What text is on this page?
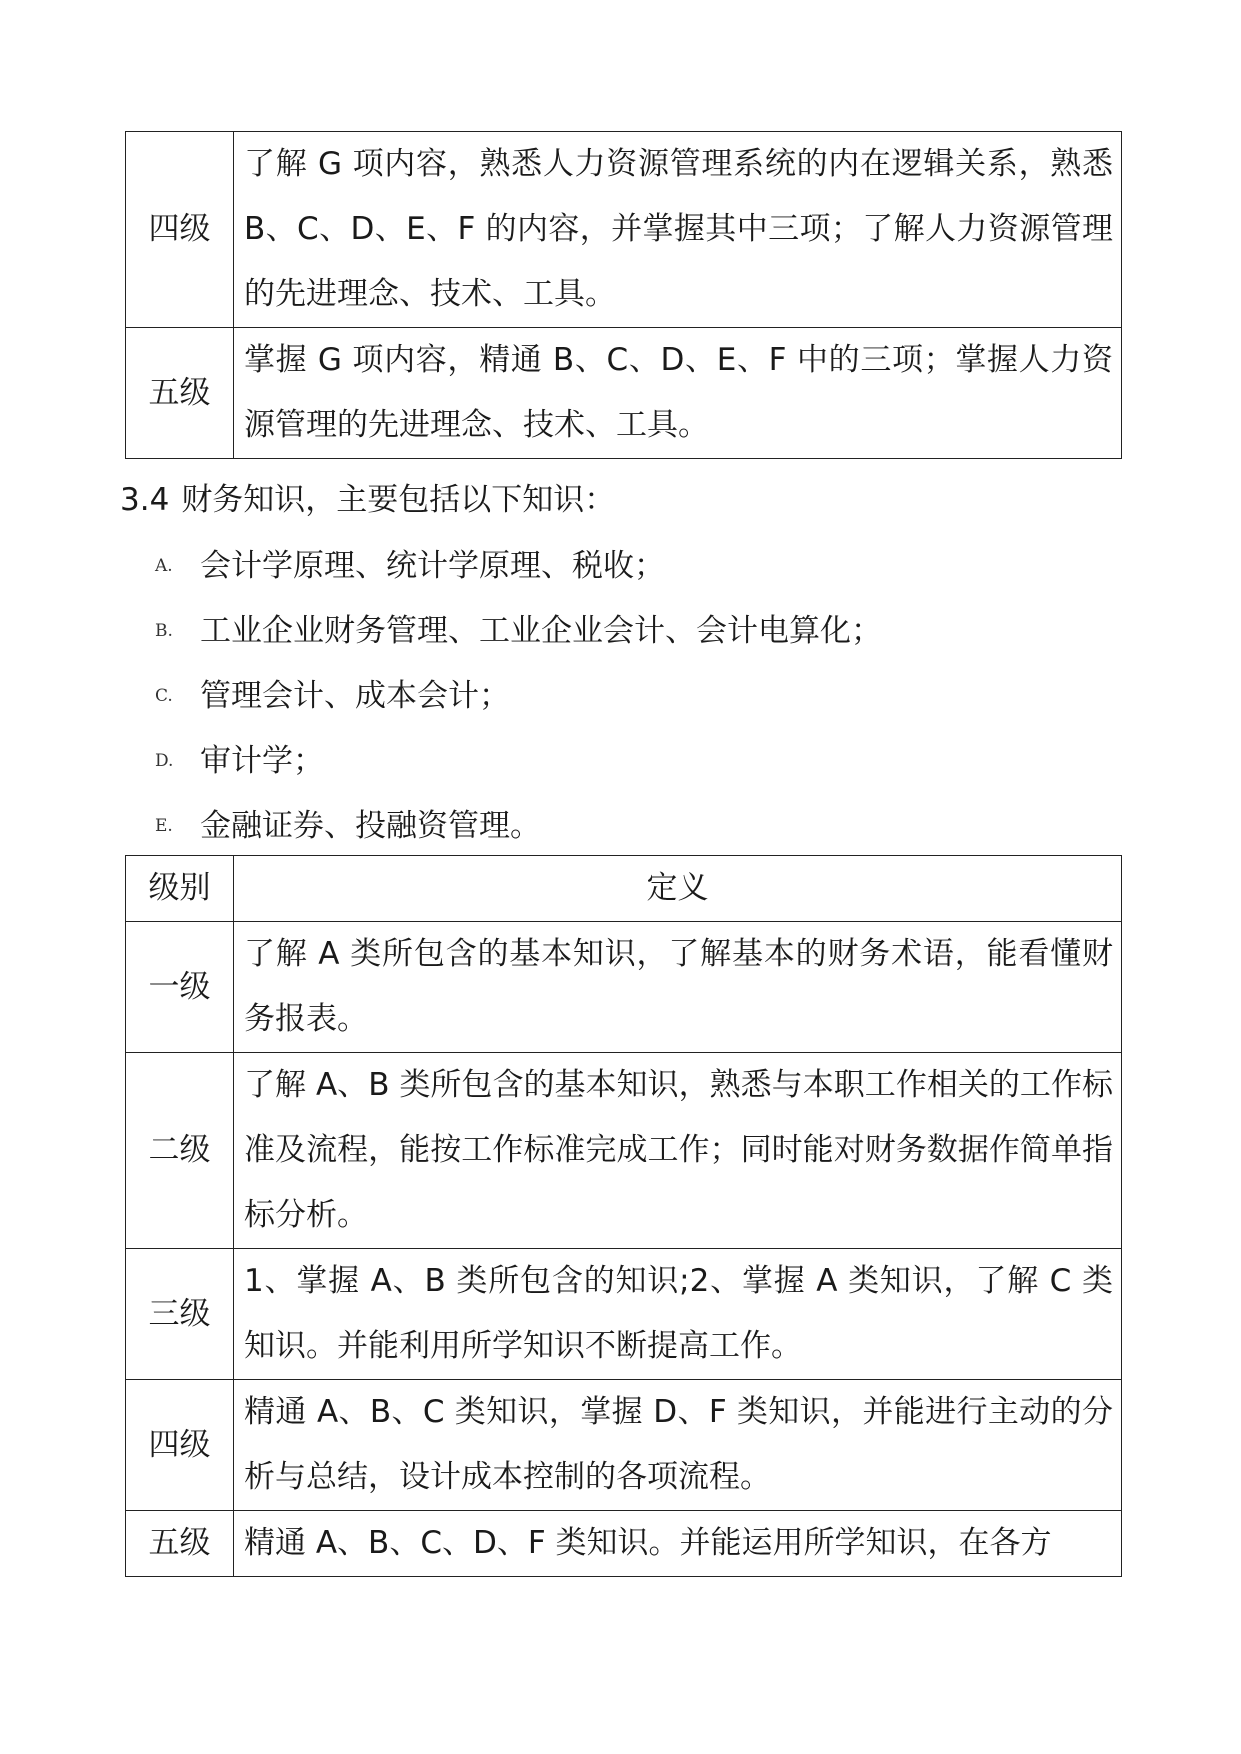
四级	了解 G 项内容，熟悉人力资源管理系统的内在逻辑关系，熟悉 B、C、D、E、F 的内容，并掌握其中三项；了解人力资源管理的先进理念、技术、工具。
五级	掌握 G 项内容，精通 B、C、D、E、F 中的三项；掌握人力资源管理的先进理念、技术、工具。
3.4 财务知识，主要包括以下知识：
A. 会计学原理、统计学原理、税收；
B. 工业企业财务管理、工业企业会计、会计电算化；
C. 管理会计、成本会计；
D. 审计学；
E. 金融证券、投融资管理。
级别	定义
一级	了解 A 类所包含的基本知识，了解基本的财务术语，能看懂财务报表。
二级	了解 A、B 类所包含的基本知识，熟悉与本职工作相关的工作标准及流程，能按工作标准完成工作；同时能对财务数据作简单指标分析。
三级	1、掌握 A、B 类所包含的知识;2、掌握 A 类知识，了解 C 类知识。并能利用所学知识不断提高工作。
四级	精通 A、B、C 类知识，掌握 D、F 类知识，并能进行主动的分析与总结，设计成本控制的各项流程。
五级	精通 A、B、C、D、F 类知识。并能运用所学知识，在各方
